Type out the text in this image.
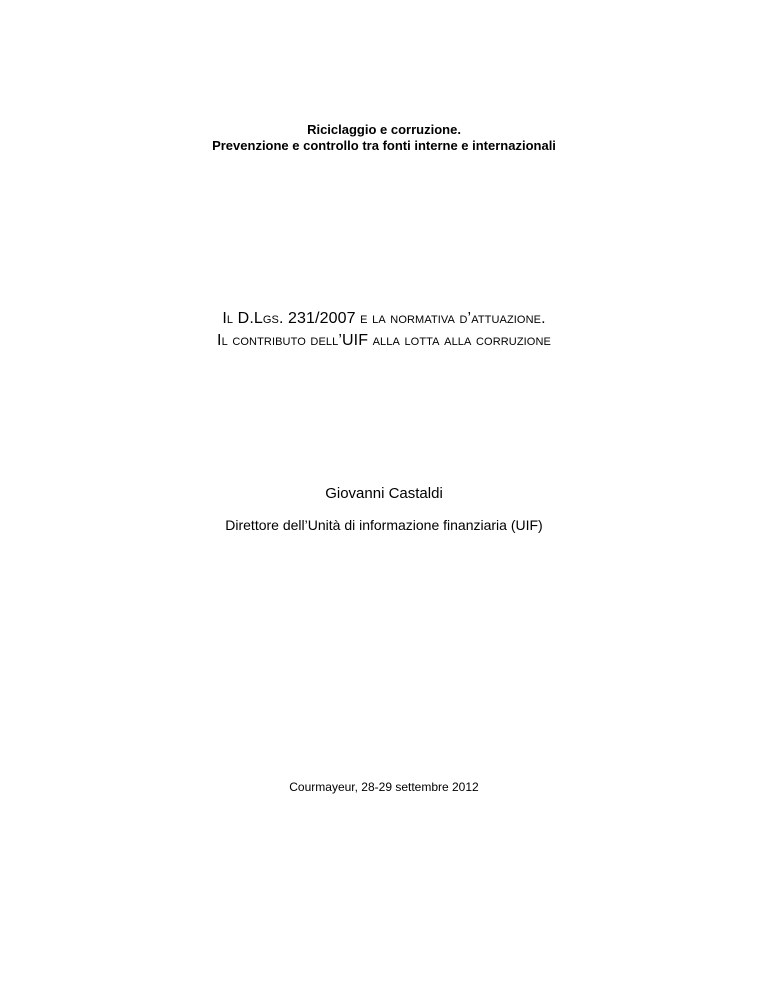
Riciclaggio e corruzione.
Prevenzione e controllo tra fonti interne e internazionali
Il D.Lgs. 231/2007 e la normativa d’attuazione.
Il contributo dell’UIF alla lotta alla corruzione
Giovanni Castaldi
Direttore dell’Unità di informazione finanziaria (UIF)
Courmayeur, 28-29 settembre 2012
